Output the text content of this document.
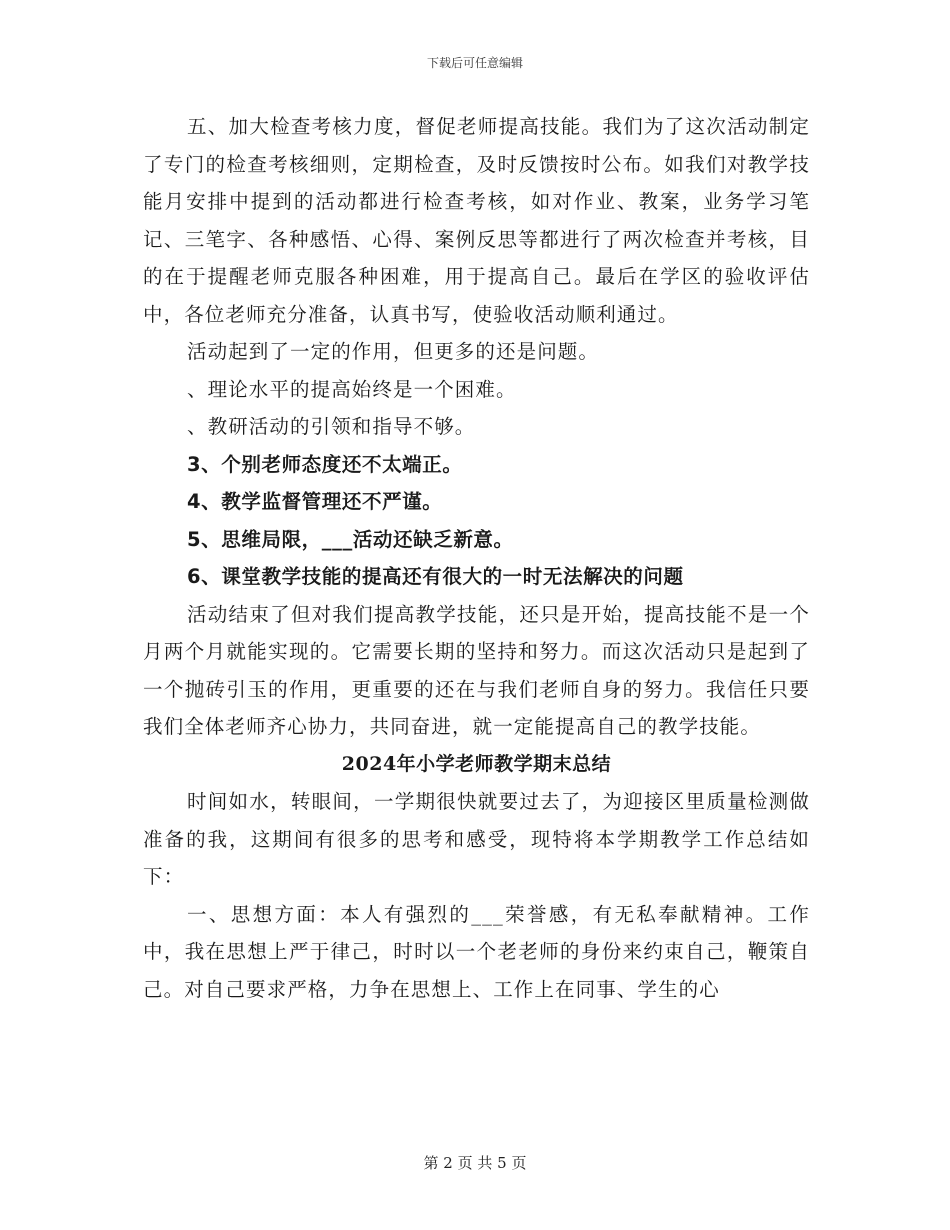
下载后可任意编辑

五、加大检查考核力度，督促老师提高技能。我们为了这次活动制定了专门的检查考核细则，定期检查，及时反馈按时公布。如我们对教学技能月安排中提到的活动都进行检查考核，如对作业、教案，业务学习笔记、三笔字、各种感悟、心得、案例反思等都进行了两次检查并考核，目的在于提醒老师克服各种困难，用于提高自己。最后在学区的验收评估中，各位老师充分准备，认真书写，使验收活动顺利通过。

活动起到了一定的作用，但更多的还是问题。

、理论水平的提高始终是一个困难。

、教研活动的引领和指导不够。

3、个别老师态度还不太端正。

4、教学监督管理还不严谨。

5、思维局限，___活动还缺乏新意。

6、课堂教学技能的提高还有很大的一时无法解决的问题

活动结束了但对我们提高教学技能，还只是开始，提高技能不是一个月两个月就能实现的。它需要长期的坚持和努力。而这次活动只是起到了一个抛砖引玉的作用，更重要的还在与我们老师自身的努力。我信任只要我们全体老师齐心协力，共同奋进，就一定能提高自己的教学技能。

2024年小学老师教学期末总结

时间如水，转眼间，一学期很快就要过去了，为迎接区里质量检测做准备的我，这期间有很多的思考和感受，现特将本学期教学工作总结如下：

一、思想方面：本人有强烈的___荣誉感，有无私奉献精神。工作中，我在思想上严于律己，时时以一个老老师的身份来约束自己，鞭策自己。对自己要求严格，力争在思想上、工作上在同事、学生的心

第 2 页 共 5 页
